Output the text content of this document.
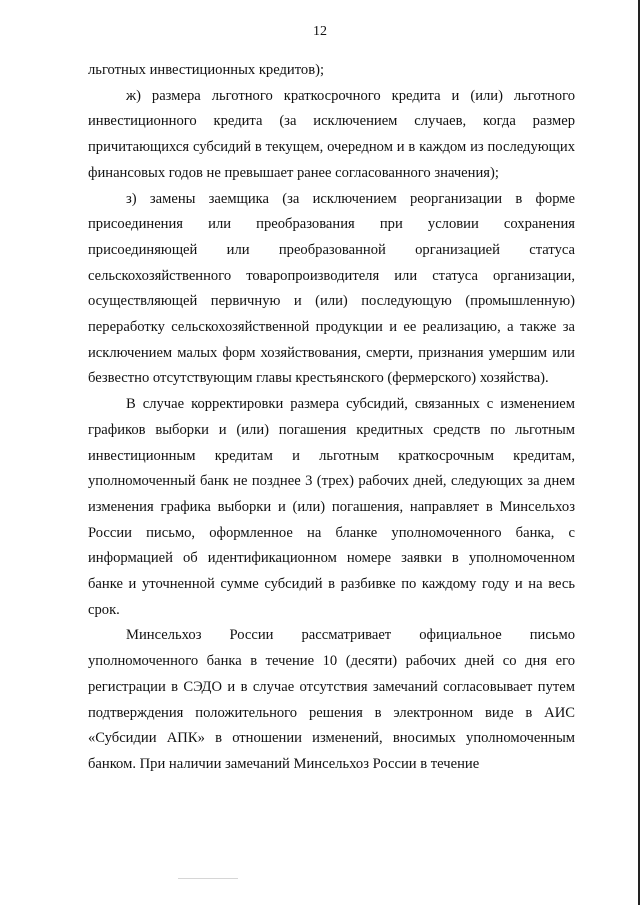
12

льготных инвестиционных кредитов);

ж) размера льготного краткосрочного кредита и (или) льготного инвестиционного кредита (за исключением случаев, когда размер причитающихся субсидий в текущем, очередном и в каждом из последующих финансовых годов не превышает ранее согласованного значения);

з) замены заемщика (за исключением реорганизации в форме присоединения или преобразования при условии сохранения присоединяющей или преобразованной организацией статуса сельскохозяйственного товаропроизводителя или статуса организации, осуществляющей первичную и (или) последующую (промышленную) переработку сельскохозяйственной продукции и ее реализацию, а также за исключением малых форм хозяйствования, смерти, признания умершим или безвестно отсутствующим главы крестьянского (фермерского) хозяйства).

В случае корректировки размера субсидий, связанных с изменением графиков выборки и (или) погашения кредитных средств по льготным инвестиционным кредитам и льготным краткосрочным кредитам, уполномоченный банк не позднее 3 (трех) рабочих дней, следующих за днем изменения графика выборки и (или) погашения, направляет в Минсельхоз России письмо, оформленное на бланке уполномоченного банка, с информацией об идентификационном номере заявки в уполномоченном банке и уточненной сумме субсидий в разбивке по каждому году и на весь срок.

Минсельхоз России рассматривает официальное письмо уполномоченного банка в течение 10 (десяти) рабочих дней со дня его регистрации в СЭДО и в случае отсутствия замечаний согласовывает путем подтверждения положительного решения в электронном виде в АИС «Субсидии АПК» в отношении изменений, вносимых уполномоченным банком. При наличии замечаний Минсельхоз России в течение
